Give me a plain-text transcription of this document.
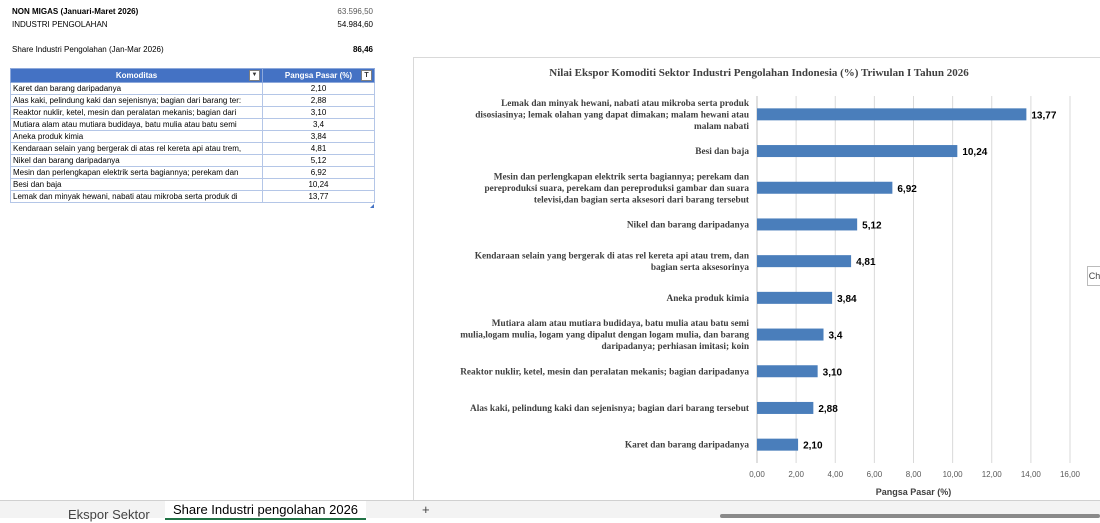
NON MIGAS (Januari-Maret 2026)	63.596,50
INDUSTRI PENGOLAHAN	54.984,60
Share Industri Pengolahan (Jan-Mar 2026)	86,46
Komoditas ▼	Pangsa Pasar (%) T

Karet dan barang daripadanya	2,10
Alas kaki, pelindung kaki dan sejenisnya; bagian dari barang ter:	2,88
Reaktor nuklir, ketel, mesin dan peralatan mekanis; bagian dari	3,10
Mutiara alam atau mutiara budidaya, batu mulia atau batu semi	3,4
Aneka produk kimia	3,84
Kendaraan selain yang bergerak di atas rel kereta api atau trem,	4,81
Nikel dan barang daripadanya	5,12
Mesin dan perlengkapan elektrik serta bagiannya; perekam dan	6,92
Besi dan baja	10,24
Lemak dan minyak hewani, nabati atau mikroba serta produk di	13,77
Nilai Ekspor Komoditi Sektor Industri Pengolahan Indonesia (%) Triwulan I Tahun 2026
0,00	2,00	4,00	6,00	8,00	10,00 12,00 14,00 16,00
Pangsa Pasar (%)
13,77
Lemak dan minyak hewani, nabati atau mikroba serta produk
disosiasinya; lemak olahan yang dapat dimakan; malam hewani atau
malam nabati
10,24
Besi dan baja
6,92
Mesin dan perlengkapan elektrik serta bagiannya; perekam dan
pereproduksi suara, perekam dan pereproduksi gambar dan suara
televisi,dan bagian serta aksesori dari barang tersebut
5,12
Nikel dan barang daripadanya
4,81
Kendaraan selain yang bergerak di atas rel kereta api atau trem, dan
bagian serta aksesorinya
3,84
Aneka produk kimia
3,4
Mutiara alam atau mutiara budidaya, batu mulia atau batu semi
mulia,logam mulia, logam yang dipalut dengan logam mulia, dan barang
daripadanya; perhiasan imitasi; koin
3,10
Reaktor nuklir, ketel, mesin dan peralatan mekanis; bagian daripadanya
2,88
Alas kaki, pelindung kaki dan sejenisnya; bagian dari barang tersebut
2,10
Karet dan barang daripadanya
Ch
Ekspor Sektor	Share Industri pengolahan 2026	+
